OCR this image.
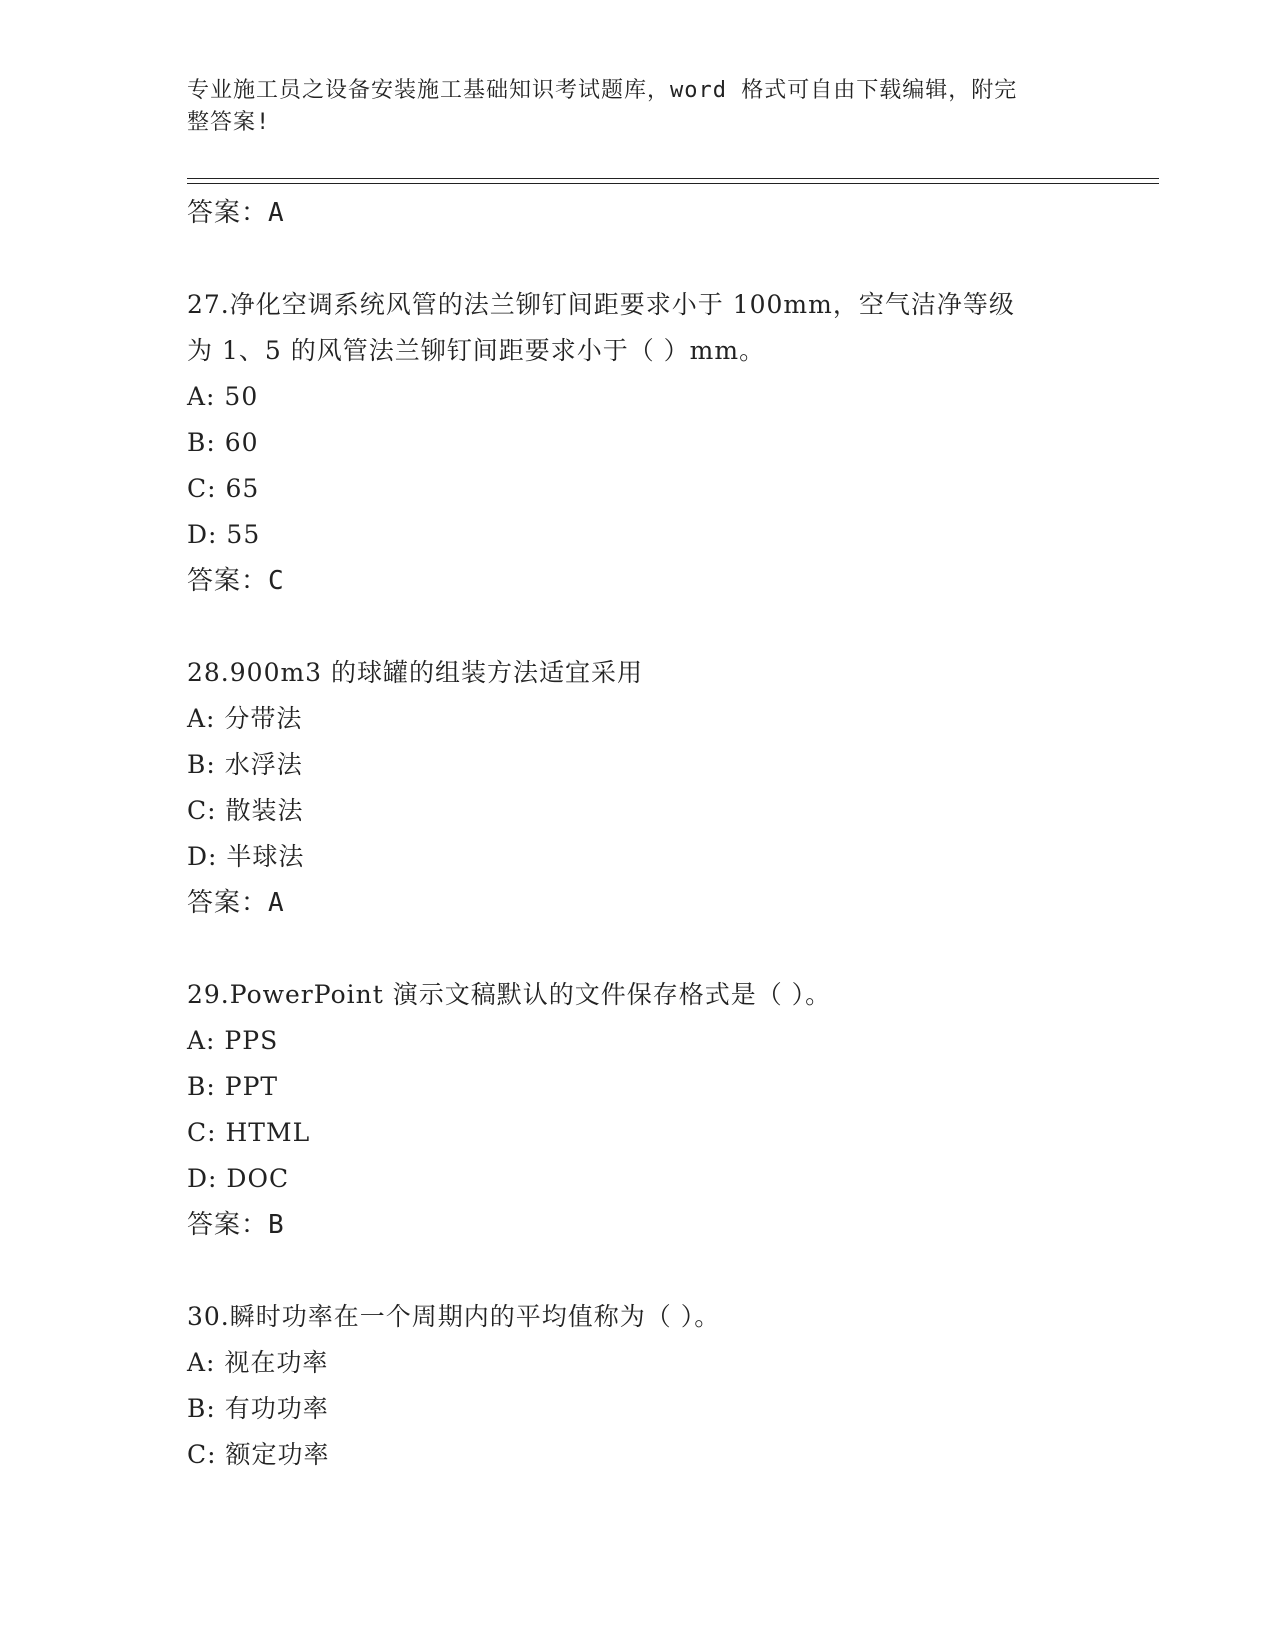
专业施工员之设备安装施工基础知识考试题库，word 格式可自由下载编辑，附完
整答案!
答案：A
27.净化空调系统风管的法兰铆钉间距要求小于 100mm，空气洁净等级
为 1、5 的风管法兰铆钉间距要求小于（ ）mm。
A: 50
B: 60
C: 65
D: 55
答案：C
28.900m3 的球罐的组装方法适宜采用
A: 分带法
B: 水浮法
C: 散装法
D: 半球法
答案：A
29.PowerPoint 演示文稿默认的文件保存格式是（ ）。
A: PPS
B: PPT
C: HTML
D: DOC
答案：B
30.瞬时功率在一个周期内的平均值称为（ ）。
A: 视在功率
B: 有功功率
C: 额定功率
